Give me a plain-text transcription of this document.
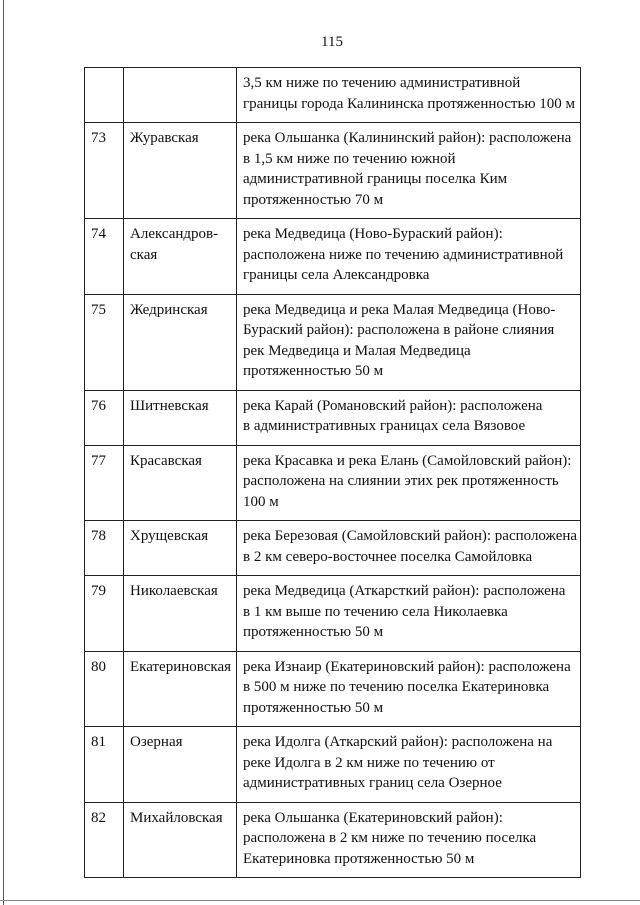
115

		3,5 км ниже по течению административной
границы города Калининска протяженностью 100 м

73	Журавская	река Ольшанка (Калининский район): расположена
в 1,5 км ниже по течению южной
административной границы поселка Ким
протяженностью 70 м

74	Александров-
ская	река Медведица (Ново-Бураский район):
расположена ниже по течению административной
границы села Александровка

75	Жедринская	река Медведица и река Малая Медведица (Ново-
Бураский район): расположена в районе слияния
рек Медведица и Малая Медведица
протяженностью 50 м

76	Шитневская	река Карай (Романовский район): расположена
в административных границах села Вязовое

77	Красавская	река Красавка и река Елань (Самойловский район):
расположена на слиянии этих рек протяженность
100 м

78	Хрущевская	река Березовая (Самойловский район): расположена
в 2 км северо-восточнее поселка Самойловка

79	Николаевская	река Медведица (Аткарсткий район): расположена
в 1 км выше по течению села Николаевка
протяженностью 50 м

80	Екатериновская	река Изнаир (Екатериновский район): расположена
в 500 м ниже по течению поселка Екатериновка
протяженностью 50 м

81	Озерная	река Идолга (Аткарский район): расположена на
реке Идолга в 2 км ниже по течению от
административных границ села Озерное

82	Михайловская	река Ольшанка (Екатериновский район):
расположена в 2 км ниже по течению поселка
Екатериновка протяженностью 50 м
